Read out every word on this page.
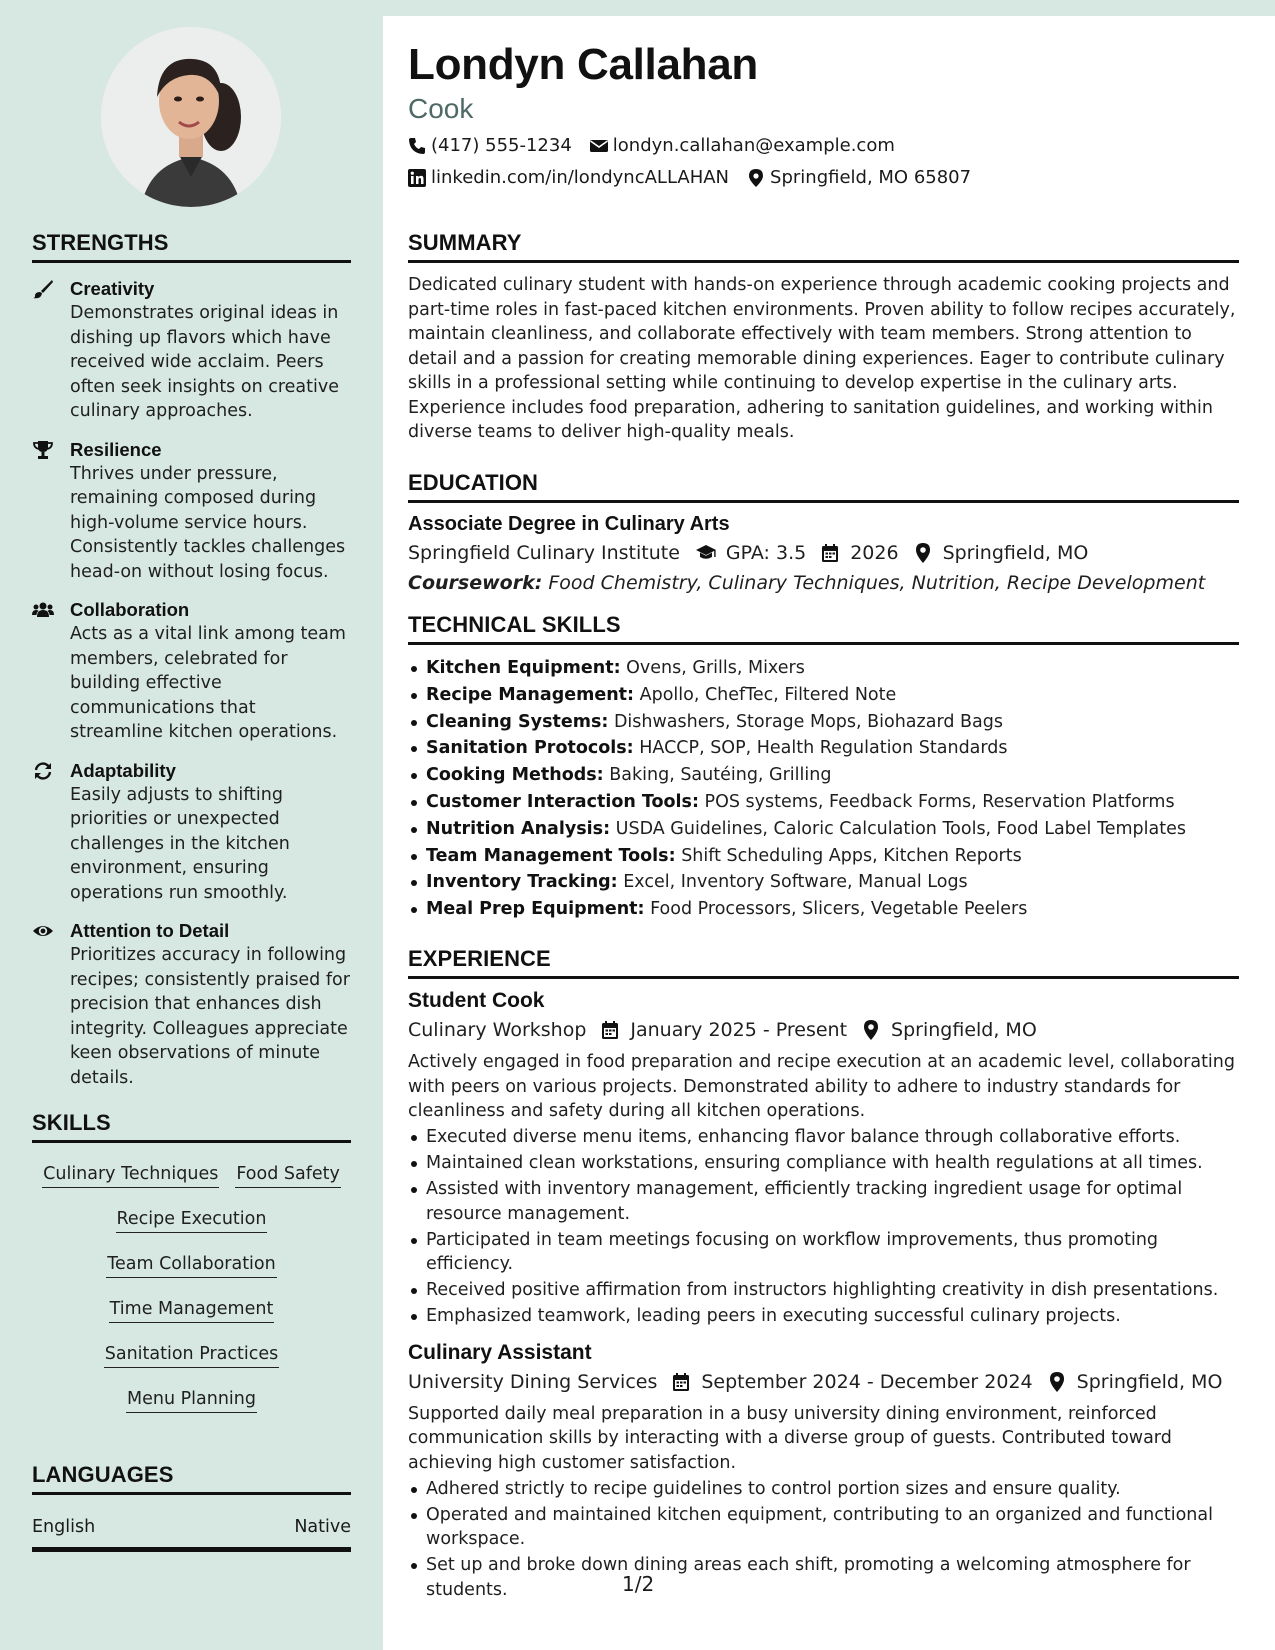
STRENGTHS
Creativity
Demonstrates original ideas in dishing up flavors which have received wide acclaim. Peers often seek insights on creative culinary approaches.
Resilience
Thrives under pressure, remaining composed during high-volume service hours. Consistently tackles challenges head-on without losing focus.
Collaboration
Acts as a vital link among team members, celebrated for building effective communications that streamline kitchen operations.
Adaptability
Easily adjusts to shifting priorities or unexpected challenges in the kitchen environment, ensuring operations run smoothly.
Attention to Detail
Prioritizes accuracy in following recipes; consistently praised for precision that enhances dish integrity. Colleagues appreciate keen observations of minute details.
SKILLS
Culinary Techniques Food Safety
Recipe Execution
Team Collaboration
Time Management
Sanitation Practices
Menu Planning
LANGUAGES
English	Native
Londyn Callahan
Cook
(417) 555-1234 londyn.callahan@example.com
linkedin.com/in/londyncALLAHAN Springfield, MO 65807
SUMMARY
Dedicated culinary student with hands-on experience through academic cooking projects and part-time roles in fast-paced kitchen environments. Proven ability to follow recipes accurately, maintain cleanliness, and collaborate effectively with team members. Strong attention to detail and a passion for creating memorable dining experiences. Eager to contribute culinary skills in a professional setting while continuing to develop expertise in the culinary arts. Experience includes food preparation, adhering to sanitation guidelines, and working within diverse teams to deliver high-quality meals.
EDUCATION
Associate Degree in Culinary Arts
Springfield Culinary Institute GPA: 3.5 2026 Springfield, MO
Coursework: Food Chemistry, Culinary Techniques, Nutrition, Recipe Development
TECHNICAL SKILLS
Kitchen Equipment: Ovens, Grills, Mixers
Recipe Management: Apollo, ChefTec, Filtered Note
Cleaning Systems: Dishwashers, Storage Mops, Biohazard Bags
Sanitation Protocols: HACCP, SOP, Health Regulation Standards
Cooking Methods: Baking, Sautéing, Grilling
Customer Interaction Tools: POS systems, Feedback Forms, Reservation Platforms
Nutrition Analysis: USDA Guidelines, Caloric Calculation Tools, Food Label Templates
Team Management Tools: Shift Scheduling Apps, Kitchen Reports
Inventory Tracking: Excel, Inventory Software, Manual Logs
Meal Prep Equipment: Food Processors, Slicers, Vegetable Peelers
EXPERIENCE
Student Cook
Culinary Workshop January 2025 - Present Springfield, MO
Actively engaged in food preparation and recipe execution at an academic level, collaborating with peers on various projects. Demonstrated ability to adhere to industry standards for cleanliness and safety during all kitchen operations.
Executed diverse menu items, enhancing flavor balance through collaborative efforts.
Maintained clean workstations, ensuring compliance with health regulations at all times.
Assisted with inventory management, efficiently tracking ingredient usage for optimal resource management.
Participated in team meetings focusing on workflow improvements, thus promoting efficiency.
Received positive affirmation from instructors highlighting creativity in dish presentations.
Emphasized teamwork, leading peers in executing successful culinary projects.
Culinary Assistant
University Dining Services September 2024 - December 2024 Springfield, MO
Supported daily meal preparation in a busy university dining environment, reinforced communication skills by interacting with a diverse group of guests. Contributed toward achieving high customer satisfaction.
Adhered strictly to recipe guidelines to control portion sizes and ensure quality.
Operated and maintained kitchen equipment, contributing to an organized and functional workspace.
Set up and broke down dining areas each shift, promoting a welcoming atmosphere for students.	1/2
